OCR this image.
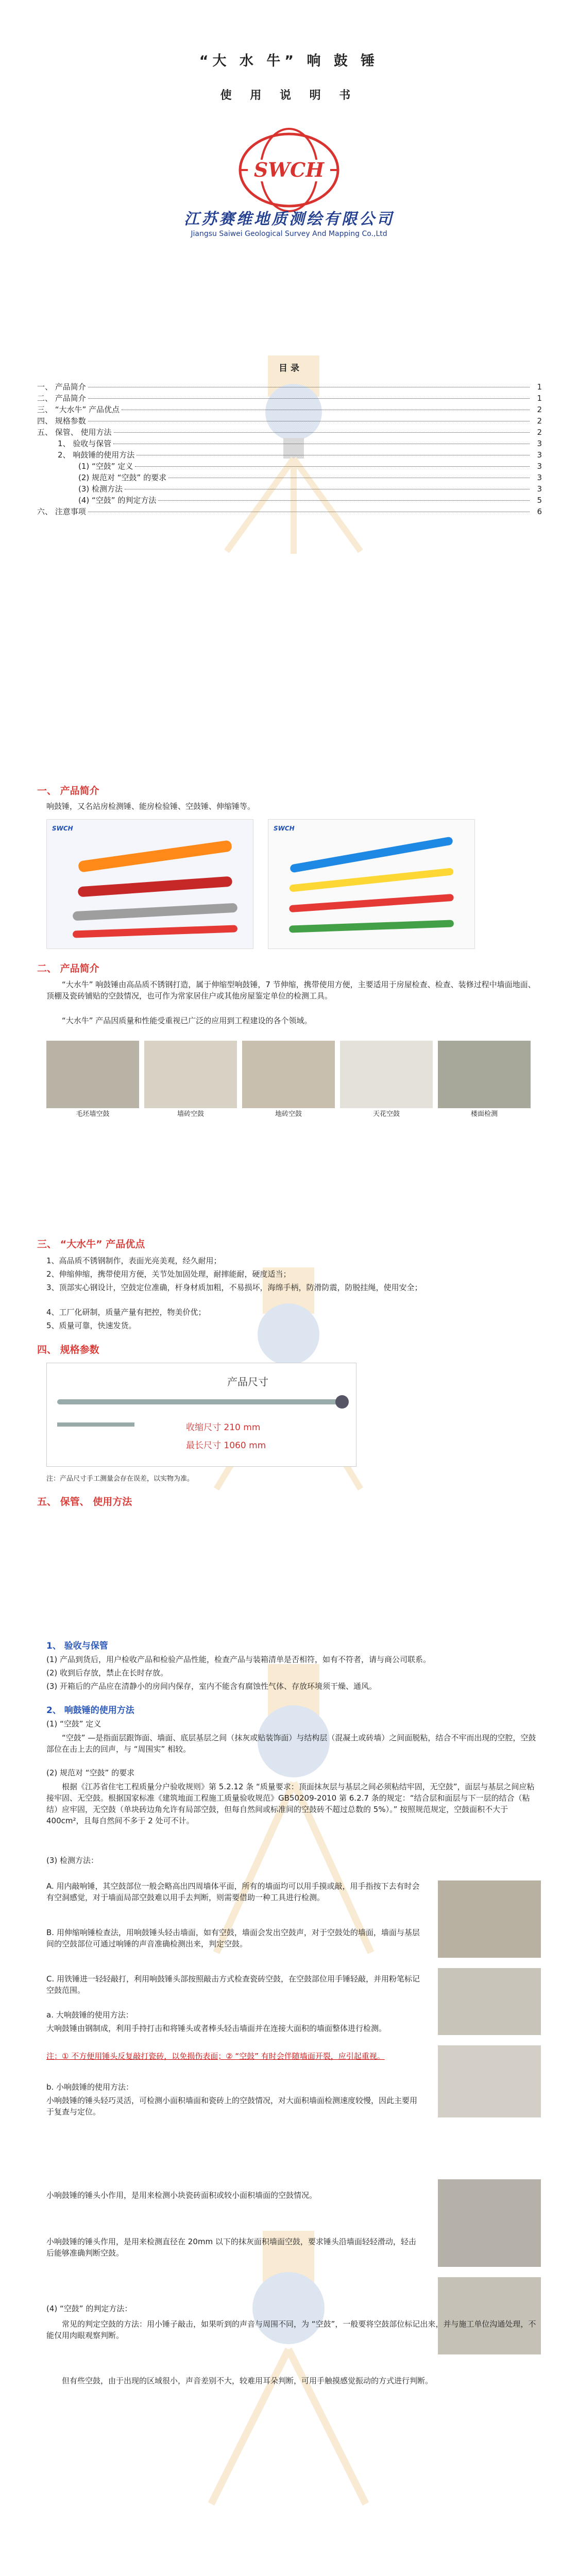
“大 水 牛” 响 鼓 锤
使 用 说 明 书
SWCH
江苏赛维地质测绘有限公司
Jiangsu Saiwei Geological Survey And Mapping Co.,Ltd
目 录
一、 产品简介	1
二、 产品简介	1
三、 “大水牛” 产品优点	2
四、 规格参数	2
五、 保管、 使用方法	2
1、 验收与保管	3
2、 响鼓锤的使用方法	3
(1) “空鼓” 定义	3
(2) 规范对 “空鼓” 的要求	3
(3) 检测方法	3
(4) “空鼓” 的判定方法	5
六、 注意事项	6
一、 产品简介
响鼓锤，又名站房检测锤、能房检验锤、空鼓锤、伸缩锤等。
SWCH	SWCH
二、 产品简介
“大水牛” 响鼓锤由高品质不锈钢打造，属于伸缩型响鼓锤，7 节伸缩，携带使用方便，主要适用于房屋检查、检查、装修过程中墙面地面、顶棚及瓷砖铺贴的空鼓情况，也可作为常家居住户或其他房屋鉴定单位的检测工具。
“大水牛” 产品因质量和性能受重视已广泛的应用到工程建设的各个领域。
毛坯墙空鼓	墙砖空鼓	地砖空鼓	天花空鼓	楼面检测
三、 “大水牛” 产品优点
1、高品质不锈钢制作，表面光亮美观，经久耐用；
2、伸缩伸缩，携带使用方便，关节处加固处理，耐摔能耐，硬度适当；
3、顶部实心钢设计，空鼓定位准确，杆身材质加粗，不易损坏，海绵手柄，防滑防震，防脱挂绳，使用安全；
4、工厂化研制，质量产量有把控，物美价优；
5、质量可靠，快速发货。
四、 规格参数
产品尺寸
收缩尺寸 210 mm
最长尺寸 1060 mm
注：产品尺寸手工测量会存在误差，以实物为准。
五、 保管、 使用方法
1、 验收与保管
(1) 产品到货后，用户检收产品和检验产品性能，检查产品与装箱清单是否相符，如有不符者，请与商公司联系。
(2) 收到后存放，禁止在长时存放。
(3) 开箱后的产品应在清静小的房间内保存，室内不能含有腐蚀性气体、存放环境须干燥、通风。
2、 响鼓锤的使用方法
(1) “空鼓” 定义
“空鼓” —是指面层跟饰面、墙面、底层基层之间（抹灰或贴装饰面）与结构层（混凝土或砖墙）之间面脱粘，结合不牢而出现的空腔，空鼓部位在击上去的回声，与 “周围实” 相较。
(2) 规范对 “空鼓” 的要求
根据《江苏省住宅工程质量分户验收规则》第 5.2.12 条 “质量要求：顶面抹灰层与基层之间必须粘结牢固，无空鼓”，面层与基层之间应粘接牢固、无空鼓。根据国家标准《建筑地面工程施工质量验收规范》GB50209-2010 第 6.2.7 条的规定：“结合层和面层与下一层的结合（粘结）应牢固，无空鼓（单块砖边角允许有局部空鼓，但每自然间或标准间的空鼓砖不超过总数的 5%）。” 按照规范规定，空鼓面积不大于 400cm²，且每自然间不多于 2 处可不计。
(3) 检测方法：
A. 用内敲响锤，其空鼓部位一般会略高出四周墙体平面，所有的墙面均可以用手摸或敲，用手指按下去有时会有空洞感觉，对于墙面局部空鼓难以用手去判断，则需要借助一种工具进行检测。
B. 用伸缩响锤检查法，用响鼓锤头轻击墙面，如有空鼓，墙面会发出空鼓声，对于空鼓处的墙面，墙面与基层间的空鼓部位可通过响锤的声音准确检测出来，判定空鼓。
C. 用铁锤进一轻轻敲打，利用响鼓锤头部按照敲击方式检查瓷砖空鼓，在空鼓部位用手锤轻敲，并用粉笔标记空鼓范围。
a. 大响鼓锤的使用方法：
大响鼓锤由钢制成，利用手持打击和将锤头或者棒头轻击墙面并在连接大面积的墙面整体进行检测。
注：① 不方便用锤头反复敲打瓷砖，以免损伤表面；② “空鼓” 有时会伴随墙面开裂，应引起重视。
b. 小响鼓锤的使用方法：
小响鼓锤的锤头轻巧灵活，可检测小面积墙面和瓷砖上的空鼓情况，对大面积墙面检测速度较慢，因此主要用于复查与定位。
小响鼓锤的锤头小作用，是用来检测小块瓷砖面积或较小面积墙面的空鼓情况。
小响鼓锤的锤头作用，是用来检测直径在 20mm 以下的抹灰面积墙面空鼓，要求锤头沿墙面轻轻滑动，轻击后能够准确判断空鼓。
(4) “空鼓” 的判定方法：
常见的判定空鼓的方法：用小锤子敲击，如果听到的声音与周围不同，为 “空鼓”，一般要将空鼓部位标记出来，并与施工单位沟通处理，不能仅用肉眼观察判断。
但有些空鼓，由于出现的区域很小，声音差别不大，较难用耳朵判断，可用手触摸感觉振动的方式进行判断。
